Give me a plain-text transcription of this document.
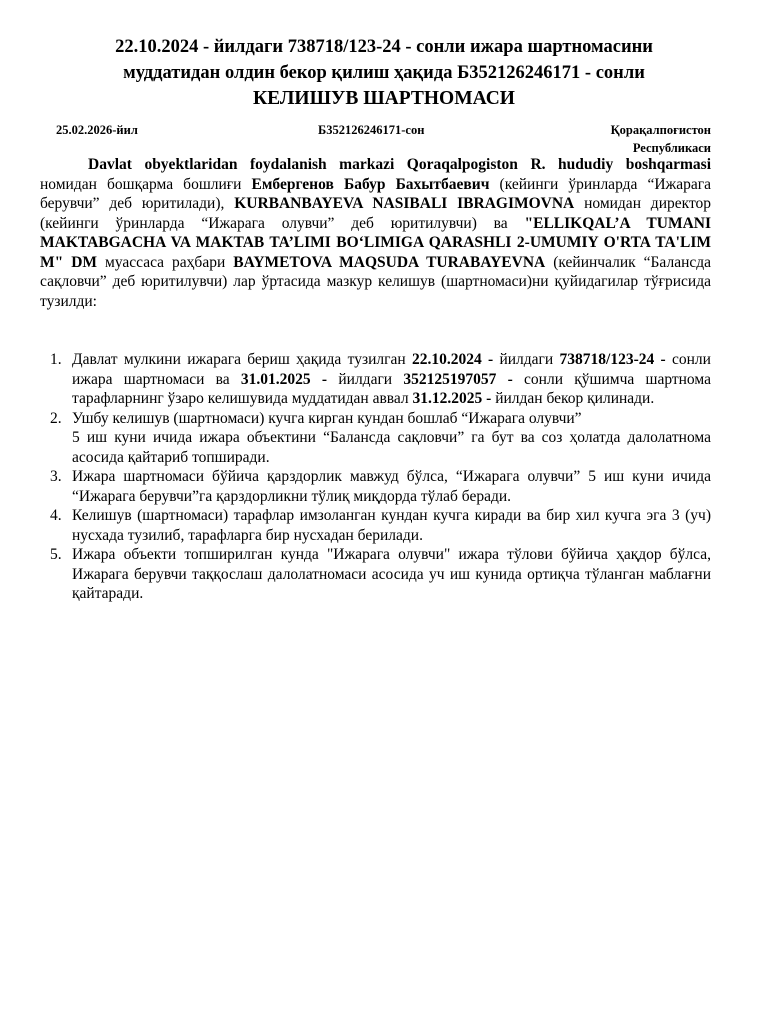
22.10.2024 - йилдаги 738718/123-24 - сонли ижара шартномасини
муддатидан олдин бекор қилиш ҳақида Б352126246171 - сонли
КЕЛИШУВ ШАРТНОМАСИ
25.02.2026-йил	Б352126246171-сон	Қорақалпоғистон
Республикаси

Davlat obyektlaridan foydalanish markazi Qoraqalpogiston R. hududiy boshqarmasi номидан бошқарма бошлиғи Ембергенов Бабур Бахытбаевич (кейинги ўринларда “Ижарага берувчи” деб юритилади), KURBANBAYEVA NASIBALI IBRAGIMOVNA номидан директор (кейинги ўринларда “Ижарага олувчи” деб юритилувчи) ва "ELLIKQAL’A TUMANI MAKTABGACHA VA MAKTAB TA’LIMI BO‘LIMIGA QARASHLI 2-UMUMIY O'RTA TA'LIM M" DM муассаса раҳбари BAYMETOVA MAQSUDA TURABAYEVNA (кейинчалик “Балансда сақловчи” деб юритилувчи) лар ўртасида мазкур келишув (шартномаси)ни қуйидагилар тўғрисида тузилди:

1. Давлат мулкини ижарага бериш ҳақида тузилган 22.10.2024 - йилдаги 738718/123-24 - сонли ижара шартномаси ва 31.01.2025 - йилдаги 352125197057 - сонли қўшимча шартнома тарафларнинг ўзаро келишувида муддатидан аввал 31.12.2025 - йилдан бекор қилинади.
2. Ушбу келишув (шартномаси) кучга кирган кундан бошлаб “Ижарага олувчи”
5 иш куни ичида ижара объектини “Балансда сақловчи” га бут ва соз ҳолатда далолатнома асосида қайтариб топширади.
3. Ижара шартномаси бўйича қарздорлик мавжуд бўлса, “Ижарага олувчи” 5 иш куни ичида “Ижарага берувчи”га қарздорликни тўлиқ миқдорда тўлаб беради.
4. Келишув (шартномаси) тарафлар имзоланган кундан кучга киради ва бир хил кучга эга 3 (уч) нусхада тузилиб, тарафларга бир нусхадан берилади.
5. Ижара объекти топширилган кунда "Ижарага олувчи" ижара тўлови бўйича ҳақдор бўлса, Ижарага берувчи таққослаш далолатномаси асосида уч иш кунида ортиқча тўланган маблағни қайтаради.
